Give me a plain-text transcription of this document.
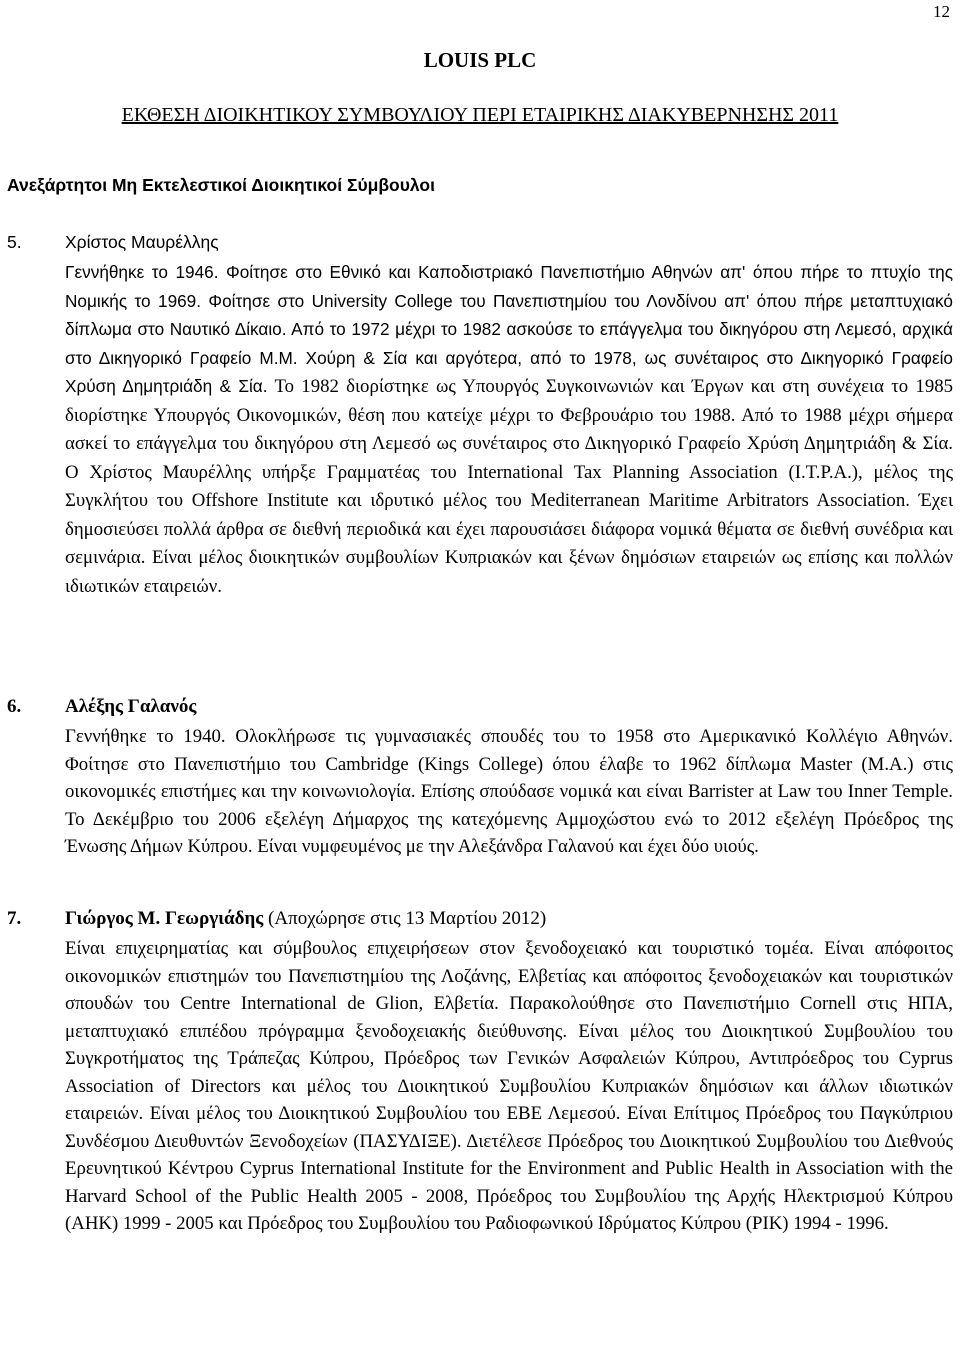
12
LOUIS PLC
ΕΚΘΕΣΗ ΔΙΟΙΚΗΤΙΚΟΥ ΣΥΜΒΟΥΛΙΟΥ ΠΕΡΙ ΕΤΑΙΡΙΚΗΣ ΔΙΑΚΥΒΕΡΝΗΣΗΣ 2011
Ανεξάρτητοι Μη Εκτελεστικοί Διοικητικοί Σύμβουλοι
5. Χρίστος Μαυρέλλης
Γεννήθηκε το 1946. Φοίτησε στο Εθνικό και Καποδιστριακό Πανεπιστήμιο Αθηνών απ' όπου πήρε το πτυχίο της Νομικής το 1969. Φοίτησε στο University College του Πανεπιστημίου του Λονδίνου απ' όπου πήρε μεταπτυχιακό δίπλωμα στο Ναυτικό Δίκαιο. Από το 1972 μέχρι το 1982 ασκούσε το επάγγελμα του δικηγόρου στη Λεμεσό, αρχικά στο Δικηγορικό Γραφείο Μ.Μ. Χούρη & Σία και αργότερα, από το 1978, ως συνέταιρος στο Δικηγορικό Γραφείο Χρύση Δημητριάδη & Σία. Το 1982 διορίστηκε ως Υπουργός Συγκοινωνιών και Έργων και στη συνέχεια το 1985 διορίστηκε Υπουργός Οικονομικών, θέση που κατείχε μέχρι το Φεβρουάριο του 1988. Από το 1988 μέχρι σήμερα ασκεί το επάγγελμα του δικηγόρου στη Λεμεσό ως συνέταιρος στο Δικηγορικό Γραφείο Χρύση Δημητριάδη & Σία. Ο Χρίστος Μαυρέλλης υπήρξε Γραμματέας του International Tax Planning Association (I.T.P.A.), μέλος της Συγκλήτου του Offshore Institute και ιδρυτικό μέλος του Mediterranean Maritime Arbitrators Association. Έχει δημοσιεύσει πολλά άρθρα σε διεθνή περιοδικά και έχει παρουσιάσει διάφορα νομικά θέματα σε διεθνή συνέδρια και σεμινάρια. Είναι μέλος διοικητικών συμβουλίων Κυπριακών και ξένων δημόσιων εταιρειών ως επίσης και πολλών ιδιωτικών εταιρειών.
6. Αλέξης Γαλανός
Γεννήθηκε το 1940. Ολοκλήρωσε τις γυμνασιακές σπουδές του το 1958 στο Αμερικανικό Κολλέγιο Αθηνών. Φοίτησε στο Πανεπιστήμιο του Cambridge (Kings College) όπου έλαβε το 1962 δίπλωμα Master (M.A.) στις οικονομικές επιστήμες και την κοινωνιολογία. Επίσης σπούδασε νομικά και είναι Barrister at Law του Inner Temple. Το Δεκέμβριο του 2006 εξελέγη Δήμαρχος της κατεχόμενης Αμμοχώστου ενώ το 2012 εξελέγη Πρόεδρος της Ένωσης Δήμων Κύπρου. Είναι νυμφευμένος με την Αλεξάνδρα Γαλανού και έχει δύο υιούς.
7. Γιώργος Μ. Γεωργιάδης (Αποχώρησε στις 13 Μαρτίου 2012)
Είναι επιχειρηματίας και σύμβουλος επιχειρήσεων στον ξενοδοχειακό και τουριστικό τομέα. Είναι απόφοιτος οικονομικών επιστημών του Πανεπιστημίου της Λοζάνης, Ελβετίας και απόφοιτος ξενοδοχειακών και τουριστικών σπουδών του Centre International de Glion, Ελβετία. Παρακολούθησε στο Πανεπιστήμιο Cornell στις ΗΠΑ, μεταπτυχιακό επιπέδου πρόγραμμα ξενοδοχειακής διεύθυνσης. Είναι μέλος του Διοικητικού Συμβουλίου του Συγκροτήματος της Τράπεζας Κύπρου, Πρόεδρος των Γενικών Ασφαλειών Κύπρου, Αντιπρόεδρος του Cyprus Association of Directors και μέλος του Διοικητικού Συμβουλίου Κυπριακών δημόσιων και άλλων ιδιωτικών εταιρειών. Είναι μέλος του Διοικητικού Συμβουλίου του ΕΒΕ Λεμεσού. Είναι Επίτιμος Πρόεδρος του Παγκύπριου Συνδέσμου Διευθυντών Ξενοδοχείων (ΠΑΣΥΔΙΞΕ). Διετέλεσε Πρόεδρος του Διοικητικού Συμβουλίου του Διεθνούς Ερευνητικού Κέντρου Cyprus International Institute for the Environment and Public Health in Association with the Harvard School of the Public Health 2005 - 2008, Πρόεδρος του Συμβουλίου της Αρχής Ηλεκτρισμού Κύπρου (ΑΗΚ) 1999 - 2005 και Πρόεδρος του Συμβουλίου του Ραδιοφωνικού Ιδρύματος Κύπρου (ΡΙΚ) 1994 - 1996.
